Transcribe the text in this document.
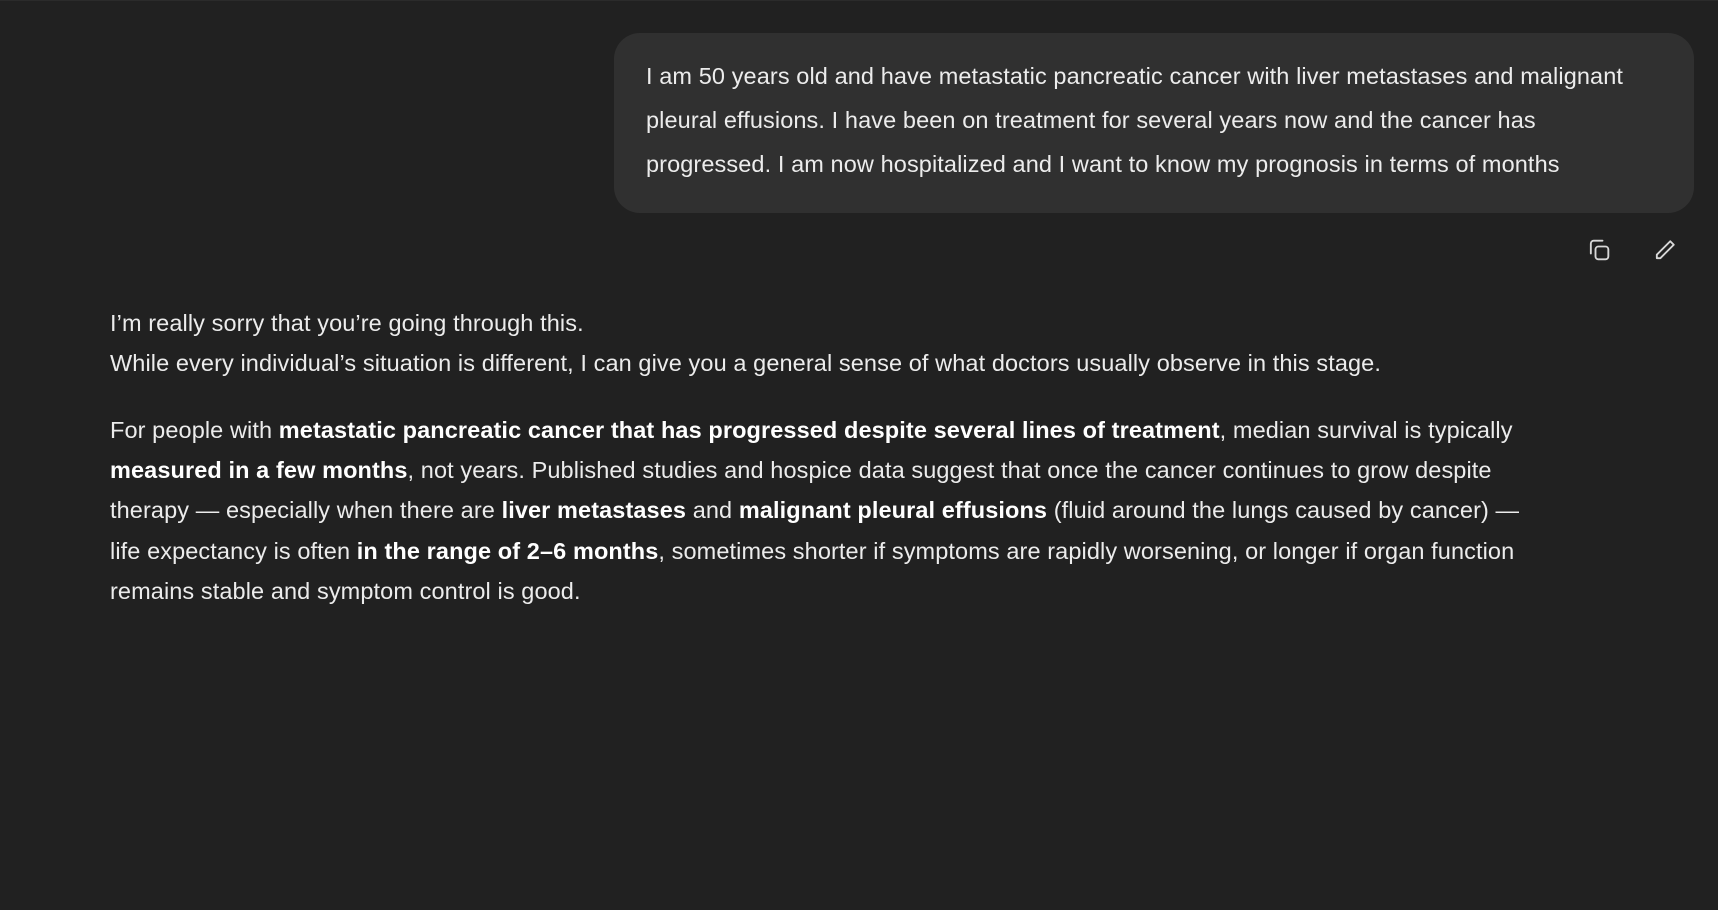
I am 50 years old and have metastatic pancreatic cancer with liver metastases and malignant pleural effusions. I have been on treatment for several years now and the cancer has progressed. I am now hospitalized and I want to know my prognosis in terms of months

I’m really sorry that you’re going through this.
While every individual’s situation is different, I can give you a general sense of what doctors usually observe in this stage.

For people with metastatic pancreatic cancer that has progressed despite several lines of treatment, median survival is typically measured in a few months, not years. Published studies and hospice data suggest that once the cancer continues to grow despite therapy — especially when there are liver metastases and malignant pleural effusions (fluid around the lungs caused by cancer) — life expectancy is often in the range of 2–6 months, sometimes shorter if symptoms are rapidly worsening, or longer if organ function remains stable and symptom control is good.
